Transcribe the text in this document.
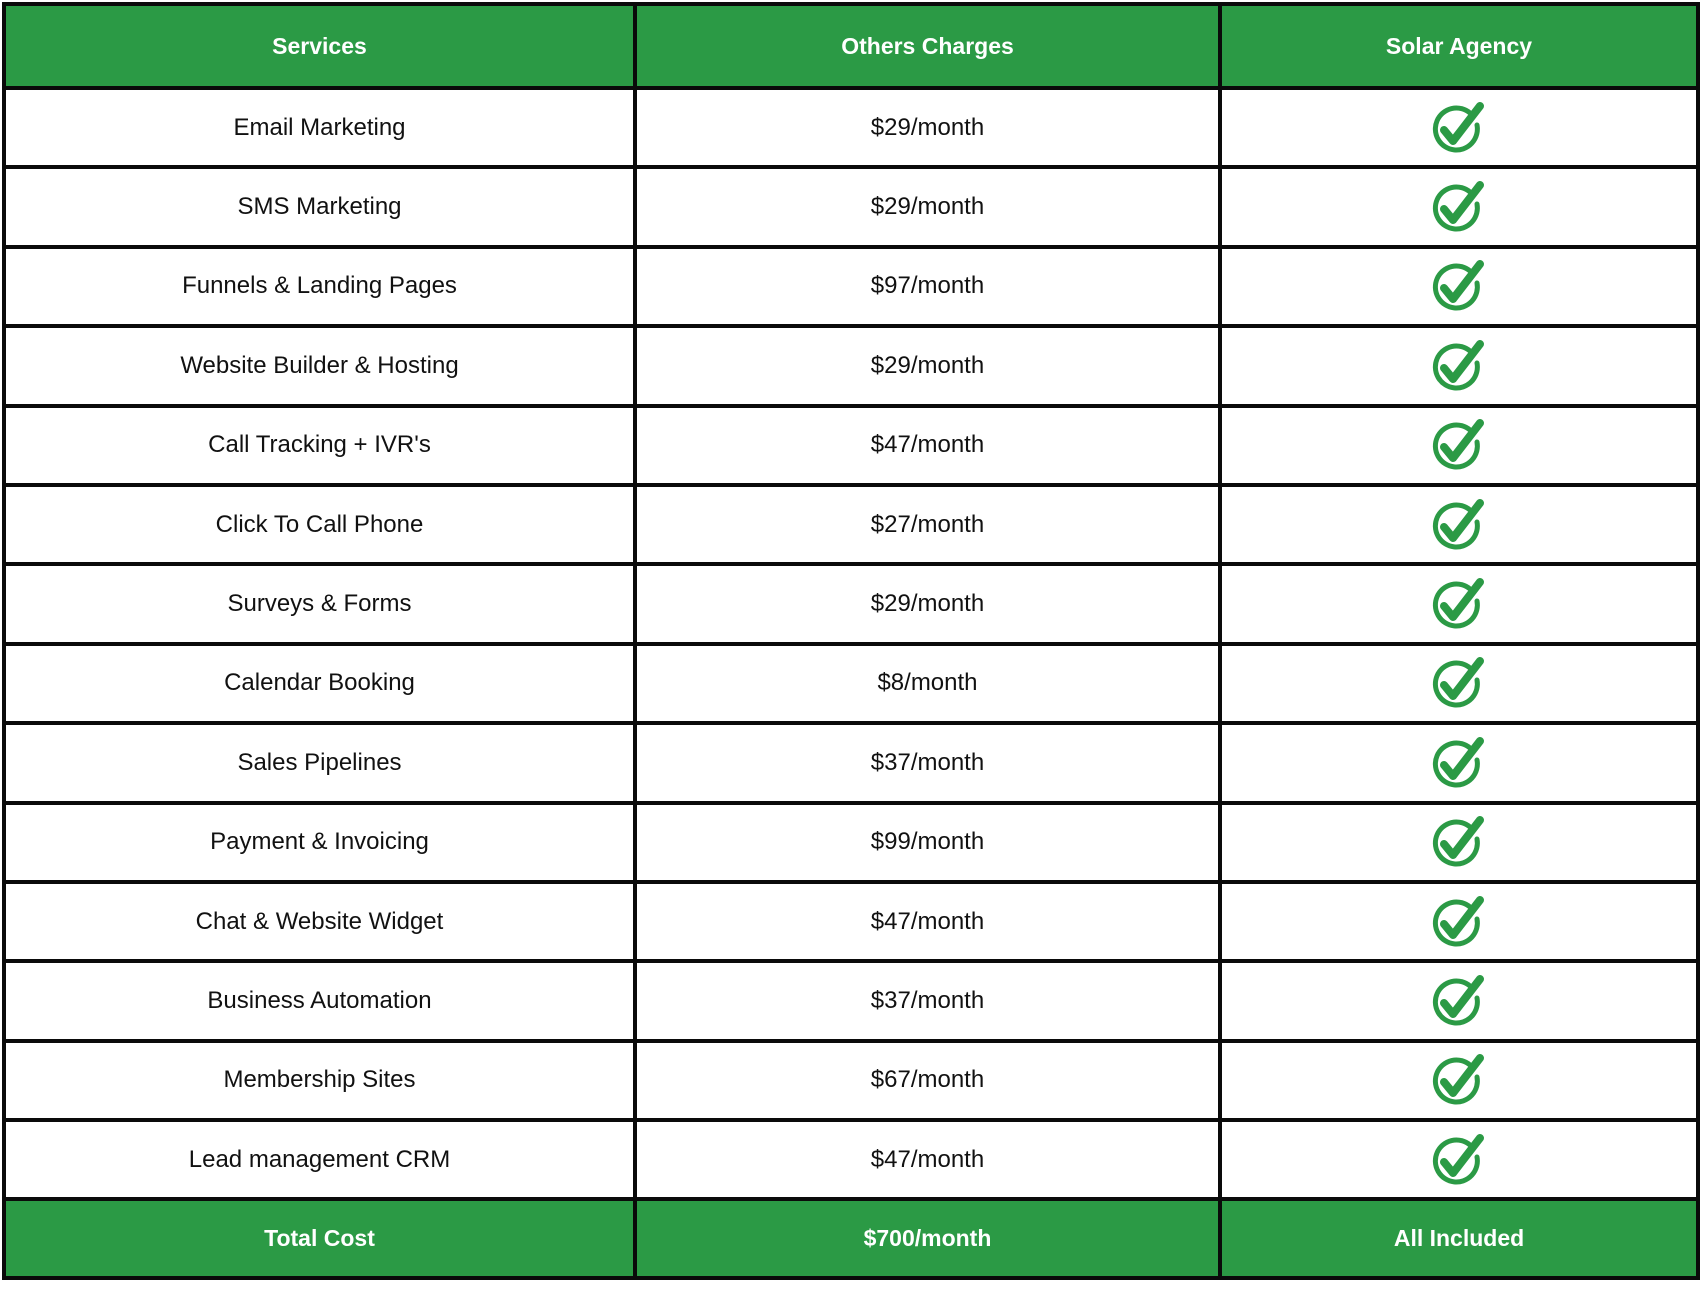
Services	Others Charges	Solar Agency
Email Marketing	$29/month	

SMS Marketing	$29/month	

Funnels & Landing Pages	$97/month	

Website Builder & Hosting	$29/month	

Call Tracking + IVR's	$47/month	

Click To Call Phone	$27/month	

Surveys & Forms	$29/month	

Calendar Booking	$8/month	

Sales Pipelines	$37/month	

Payment & Invoicing	$99/month	

Chat & Website Widget	$47/month	

Business Automation	$37/month	

Membership Sites	$67/month	

Lead management CRM	$47/month	

Total Cost	$700/month	All Included
